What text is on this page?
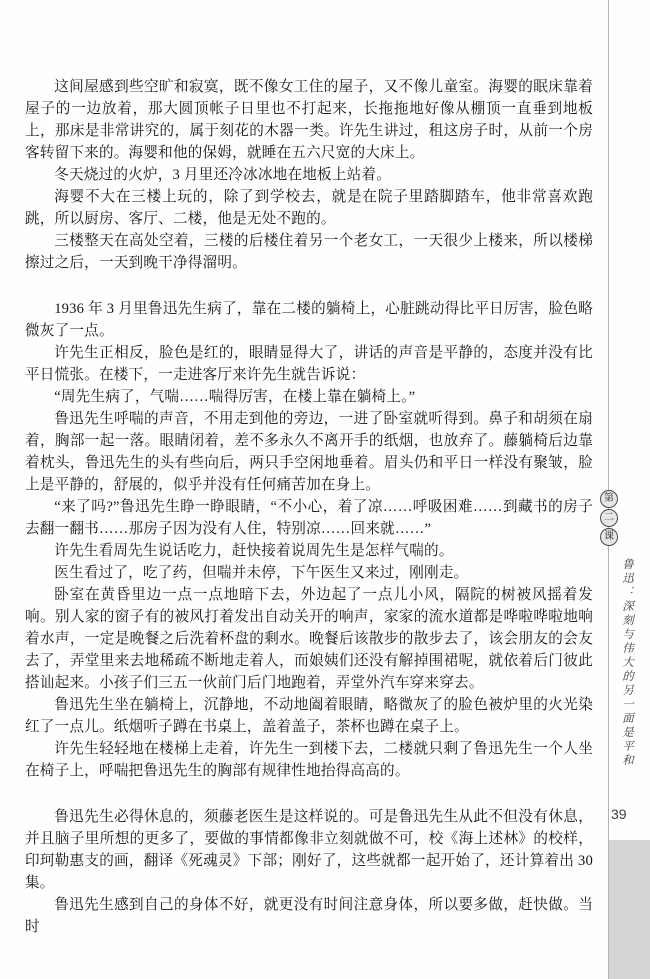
这间屋感到些空旷和寂寞，既不像女工住的屋子，又不像儿童室。海婴的眠床靠着屋子的一边放着，那大圆顶帐子日里也不打起来，长拖拖地好像从棚顶一直垂到地板上，那床是非常讲究的，属于刻花的木器一类。许先生讲过，租这房子时，从前一个房客转留下来的。海婴和他的保姆，就睡在五六尺宽的大床上。

冬天烧过的火炉，3 月里还冷冰冰地在地板上站着。

海婴不大在三楼上玩的，除了到学校去，就是在院子里踏脚踏车，他非常喜欢跑跳，所以厨房、客厅、二楼，他是无处不跑的。

三楼整天在高处空着，三楼的后楼住着另一个老女工，一天很少上楼来，所以楼梯擦过之后，一天到晚干净得溜明。

1936 年 3 月里鲁迅先生病了，靠在二楼的躺椅上，心脏跳动得比平日厉害，脸色略微灰了一点。

许先生正相反，脸色是红的，眼睛显得大了，讲话的声音是平静的，态度并没有比平日慌张。在楼下，一走进客厅来许先生就告诉说：

“周先生病了，气喘……喘得厉害，在楼上靠在躺椅上。”

鲁迅先生呼喘的声音，不用走到他的旁边，一进了卧室就听得到。鼻子和胡须在扇着，胸部一起一落。眼睛闭着，差不多永久不离开手的纸烟，也放弃了。藤躺椅后边靠着枕头，鲁迅先生的头有些向后，两只手空闲地垂着。眉头仍和平日一样没有聚皱，脸上是平静的，舒展的，似乎并没有任何痛苦加在身上。

“来了吗?”鲁迅先生睁一睁眼睛，“不小心，着了凉……呼吸困难……到藏书的房子去翻一翻书……那房子因为没有人住，特别凉……回来就……”

许先生看周先生说话吃力，赶快接着说周先生是怎样气喘的。

医生看过了，吃了药，但喘并未停，下午医生又来过，刚刚走。

卧室在黄昏里边一点一点地暗下去，外边起了一点儿小风，隔院的树被风摇着发响。别人家的窗子有的被风打着发出自动关开的响声，家家的流水道都是哗啦哗啦地响着水声，一定是晚餐之后洗着杯盘的剩水。晚餐后该散步的散步去了，该会朋友的会友去了，弄堂里来去地稀疏不断地走着人，而娘姨们还没有解掉围裙呢，就依着后门彼此搭讪起来。小孩子们三五一伙前门后门地跑着，弄堂外汽车穿来穿去。

鲁迅先生坐在躺椅上，沉静地，不动地阖着眼睛，略微灰了的脸色被炉里的火光染红了一点儿。纸烟听子蹲在书桌上，盖着盖子，茶杯也蹲在桌子上。

许先生轻轻地在楼梯上走着，许先生一到楼下去，二楼就只剩了鲁迅先生一个人坐在椅子上，呼喘把鲁迅先生的胸部有规律性地抬得高高的。

鲁迅先生必得休息的，须藤老医生是这样说的。可是鲁迅先生从此不但没有休息，并且脑子里所想的更多了，要做的事情都像非立刻就做不可，校《海上述林》的校样，印珂勒惠支的画，翻译《死魂灵》下部；刚好了，这些就都一起开始了，还计算着出 30 集。

鲁迅先生感到自己的身体不好，就更没有时间注意身体，所以要多做，赶快做。当时

第
二
课
鲁迅：深刻与伟大的另一面是平和
39
